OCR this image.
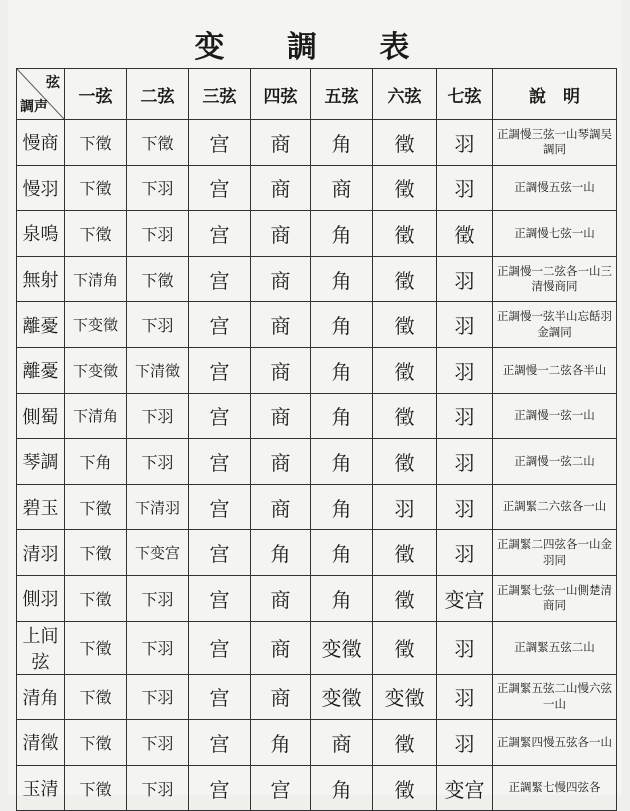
变 調 表
弦
調声	一弦	二弦	三弦	四弦	五弦	六弦	七弦	說　明
慢商	下徵	下徵	宫	商	角	徵	羽	正調慢三弦一山琴調吴調同
慢羽	下徵	下羽	宫	商	商	徵	羽	正調慢五弦一山
泉鳴	下徵	下羽	宫	商	角	徵	徵	正調慢七弦一山
無射	下清角	下徵	宫	商	角	徵	羽	正調慢一二弦各一山三清慢商同
離憂	下变徵	下羽	宫	商	角	徵	羽	正調慢一弦半山忘餂羽金調同
離憂	下变徵	下清徵	宫	商	角	徵	羽	正調慢一二弦各半山
側蜀	下清角	下羽	宫	商	角	徵	羽	正調慢一弦一山
琴調	下角	下羽	宫	商	角	徵	羽	正調慢一弦二山
碧玉	下徵	下清羽	宫	商	角	羽	羽	正調緊二六弦各一山
清羽	下徵	下变宫	宫	角	角	徵	羽	正調緊二四弦各一山金羽同
側羽	下徵	下羽	宫	商	角	徵	变宫	正調緊七弦一山側楚清商同
上间弦	下徵	下羽	宫	商	变徵	徵	羽	正調緊五弦二山
清角	下徵	下羽	宫	商	变徵	变徵	羽	正調緊五弦二山慢六弦一山
清徵	下徵	下羽	宫	角	商	徵	羽	正調緊四慢五弦各一山
玉清	下徵	下羽	宫	宫	角	徵	变宫	正調緊七慢四弦各
